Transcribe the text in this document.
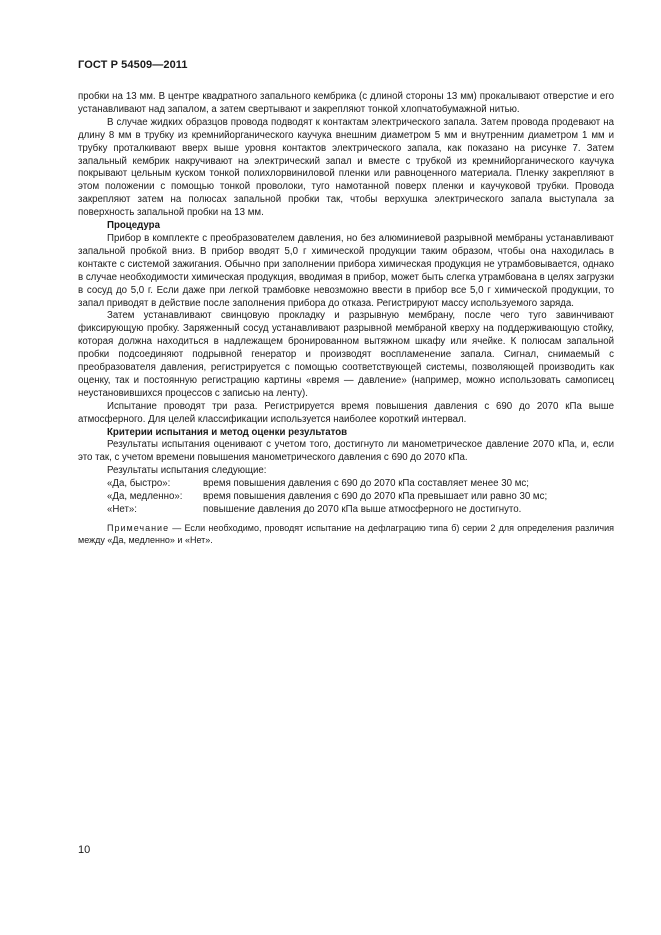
ГОСТ Р 54509—2011

пробки на 13 мм. В центре квадратного запального кембрика (с длиной стороны 13 мм) прокалывают отверстие и его устанавливают над запалом, а затем свертывают и закрепляют тонкой хлопчатобумажной нитью.

В случае жидких образцов провода подводят к контактам электрического запала. Затем провода продевают на длину 8 мм в трубку из кремнийорганического каучука внешним диаметром 5 мм и внутренним диаметром 1 мм и трубку проталкивают вверх выше уровня контактов электрического запала, как показано на рисунке 7. Затем запальный кембрик накручивают на электрический запал и вместе с трубкой из кремнийорганического каучука покрывают цельным куском тонкой полихлорвиниловой пленки или равноценного материала. Пленку закрепляют в этом положении с помощью тонкой проволоки, туго намотанной поверх пленки и каучуковой трубки. Провода закрепляют затем на полюсах запальной пробки так, чтобы верхушка электрического запала выступала за поверхность запальной пробки на 13 мм.

Процедура

Прибор в комплекте с преобразователем давления, но без алюминиевой разрывной мембраны устанавливают запальной пробкой вниз. В прибор вводят 5,0 г химической продукции таким образом, чтобы она находилась в контакте с системой зажигания. Обычно при заполнении прибора химическая продукция не утрамбовывается, однако в случае необходимости химическая продукция, вводимая в прибор, может быть слегка утрамбована в целях загрузки в сосуд до 5,0 г. Если даже при легкой трамбовке невозможно ввести в прибор все 5,0 г химической продукции, то запал приводят в действие после заполнения прибора до отказа. Регистрируют массу используемого заряда.

Затем устанавливают свинцовую прокладку и разрывную мембрану, после чего туго завинчивают фиксирующую пробку. Заряженный сосуд устанавливают разрывной мембраной кверху на поддерживающую стойку, которая должна находиться в надлежащем бронированном вытяжном шкафу или ячейке. К полюсам запальной пробки подсоединяют подрывной генератор и производят воспламенение запала. Сигнал, снимаемый с преобразователя давления, регистрируется с помощью соответствующей системы, позволяющей производить как оценку, так и постоянную регистрацию картины «время — давление» (например, можно использовать самописец неустановившихся процессов с записью на ленту).

Испытание проводят три раза. Регистрируется время повышения давления с 690 до 2070 кПа выше атмосферного. Для целей классификации используется наиболее короткий интервал.

Критерии испытания и метод оценки результатов

Результаты испытания оценивают с учетом того, достигнуто ли манометрическое давление 2070 кПа, и, если это так, с учетом времени повышения манометрического давления с 690 до 2070 кПа.

Результаты испытания следующие:

«Да, быстро»:	время повышения давления с 690 до 2070 кПа составляет менее 30 мс;
«Да, медленно»:	время повышения давления с 690 до 2070 кПа превышает или равно 30 мс;
«Нет»:	повышение давления до 2070 кПа выше атмосферного не достигнуто.

Примечание — Если необходимо, проводят испытание на дефлаграцию типа б) серии 2 для определения различия между «Да, медленно» и «Нет».

10
